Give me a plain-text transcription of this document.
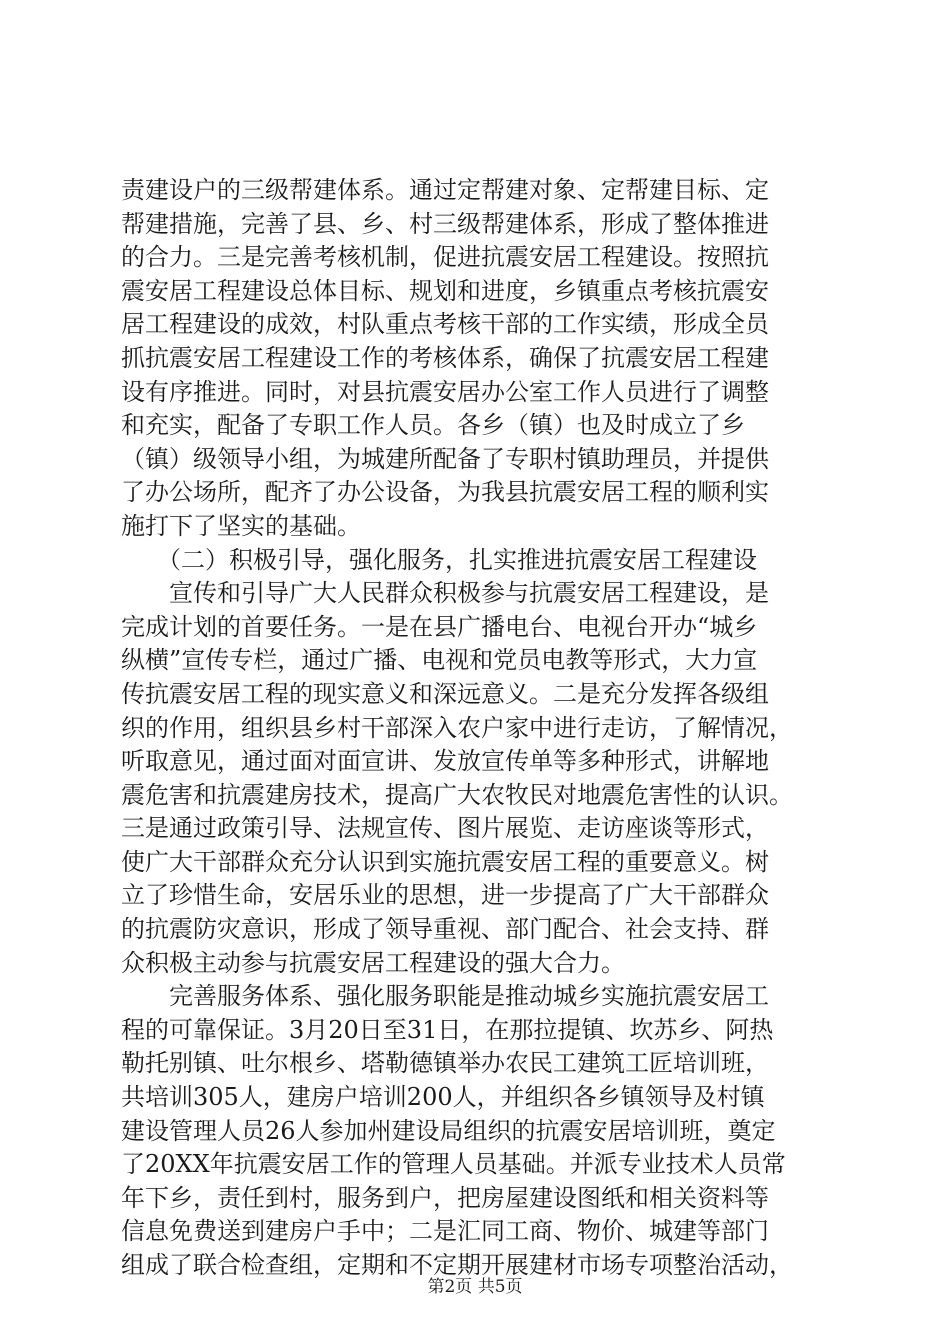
责建设户的三级帮建体系。通过定帮建对象、定帮建目标、定
帮建措施，完善了县、乡、村三级帮建体系，形成了整体推进
的合力。三是完善考核机制，促进抗震安居工程建设。按照抗
震安居工程建设总体目标、规划和进度，乡镇重点考核抗震安
居工程建设的成效，村队重点考核干部的工作实绩，形成全员
抓抗震安居工程建设工作的考核体系，确保了抗震安居工程建
设有序推进。同时，对县抗震安居办公室工作人员进行了调整
和充实，配备了专职工作人员。各乡（镇）也及时成立了乡
（镇）级领导小组，为城建所配备了专职村镇助理员，并提供
了办公场所，配齐了办公设备，为我县抗震安居工程的顺利实
施打下了坚实的基础。
　　（二）积极引导，强化服务，扎实推进抗震安居工程建设
　　宣传和引导广大人民群众积极参与抗震安居工程建设，是
完成计划的首要任务。一是在县广播电台、电视台开办“城乡
纵横”宣传专栏，通过广播、电视和党员电教等形式，大力宣
传抗震安居工程的现实意义和深远意义。二是充分发挥各级组
织的作用，组织县乡村干部深入农户家中进行走访，了解情况，
听取意见，通过面对面宣讲、发放宣传单等多种形式，讲解地
震危害和抗震建房技术，提高广大农牧民对地震危害性的认识。
三是通过政策引导、法规宣传、图片展览、走访座谈等形式，
使广大干部群众充分认识到实施抗震安居工程的重要意义。树
立了珍惜生命，安居乐业的思想，进一步提高了广大干部群众
的抗震防灾意识，形成了领导重视、部门配合、社会支持、群
众积极主动参与抗震安居工程建设的强大合力。
　　完善服务体系、强化服务职能是推动城乡实施抗震安居工
程的可靠保证。3月20日至31日，在那拉提镇、坎苏乡、阿热
勒托别镇、吐尔根乡、塔勒德镇举办农民工建筑工匠培训班，
共培训305人，建房户培训200人，并组织各乡镇领导及村镇
建设管理人员26人参加州建设局组织的抗震安居培训班，奠定
了20XX年抗震安居工作的管理人员基础。并派专业技术人员常
年下乡，责任到村，服务到户，把房屋建设图纸和相关资料等
信息免费送到建房户手中；二是汇同工商、物价、城建等部门
组成了联合检查组，定期和不定期开展建材市场专项整治活动，
第2页 共5页
